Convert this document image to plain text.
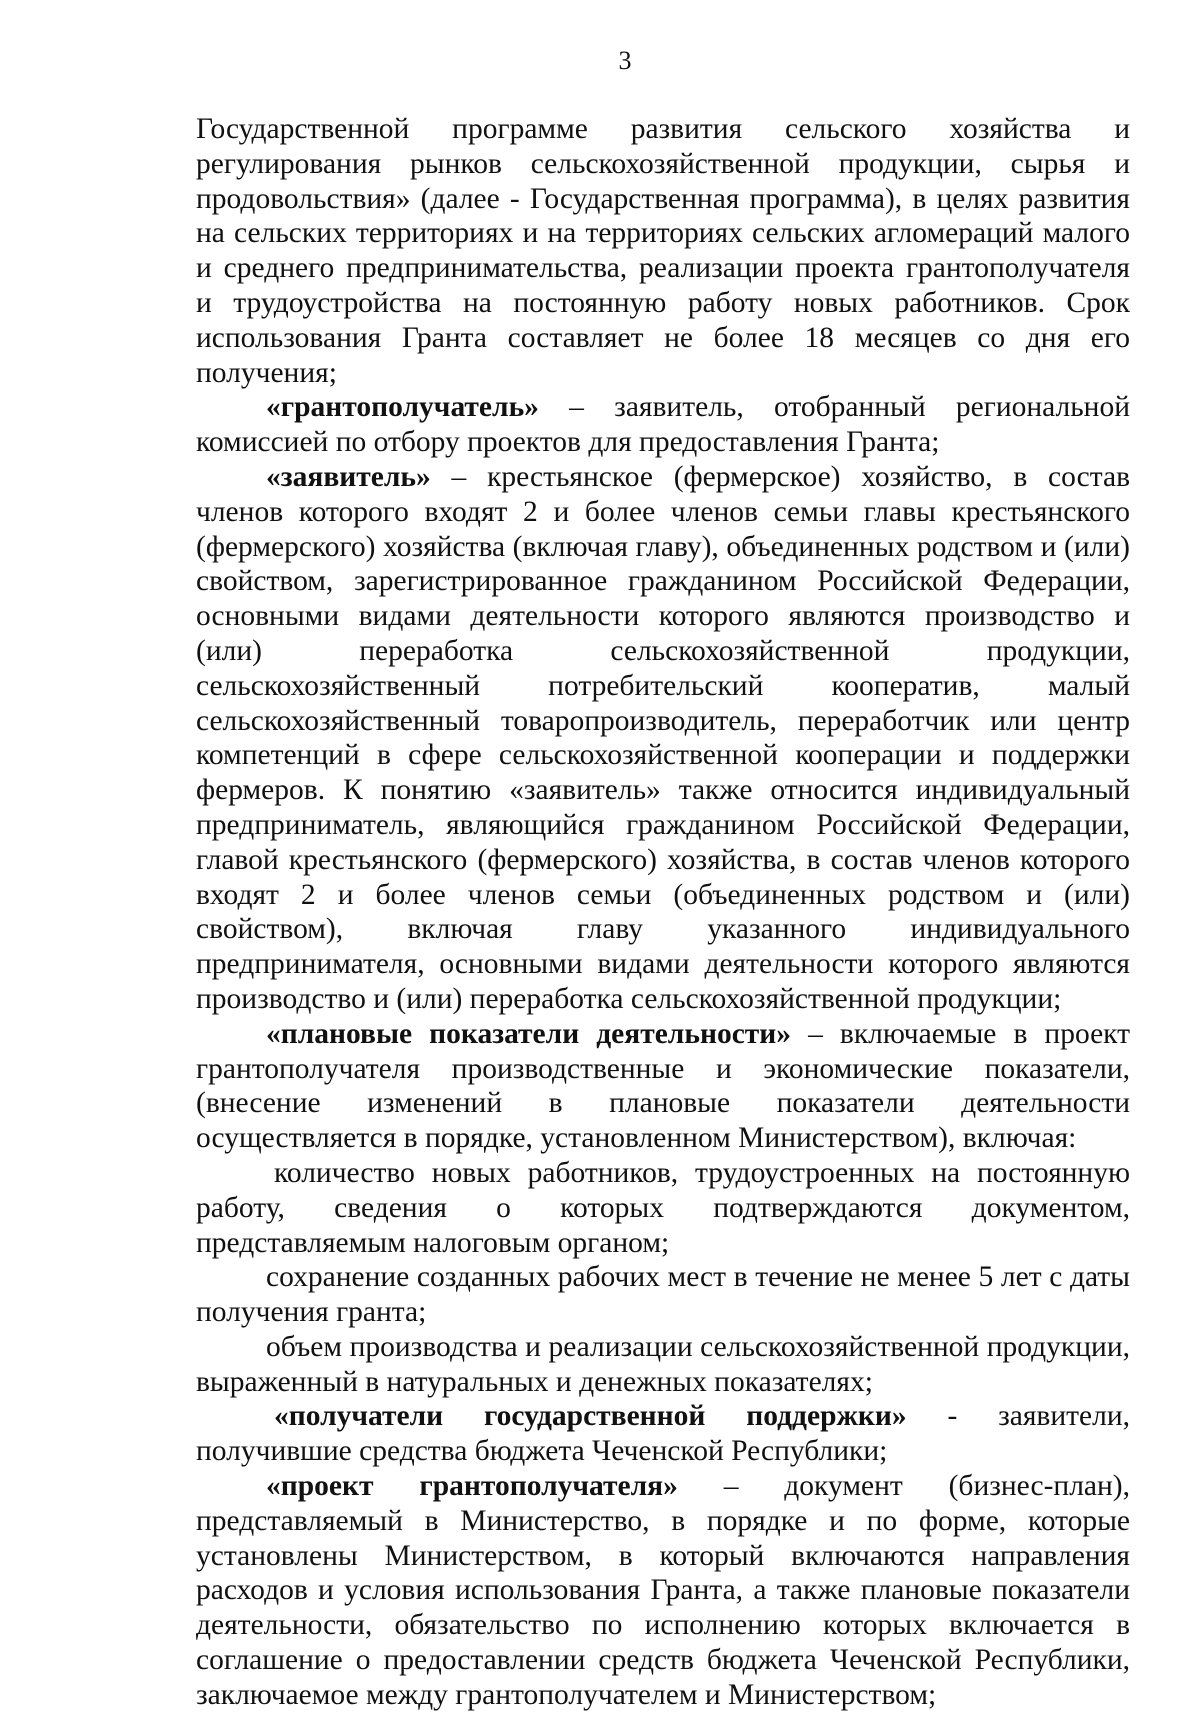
3

Государственной программе развития сельского хозяйства и регулирования рынков сельскохозяйственной продукции, сырья и продовольствия» (далее - Государственная программа), в целях развития на сельских территориях и на территориях сельских агломераций малого и среднего предпринимательства, реализации проекта грантополучателя и трудоустройства на постоянную работу новых работников. Срок использования Гранта составляет не более 18 месяцев со дня его получения;

«грантополучатель» – заявитель, отобранный региональной комиссией по отбору проектов для предоставления Гранта;

«заявитель» – крестьянское (фермерское) хозяйство, в состав членов которого входят 2 и более членов семьи главы крестьянского (фермерского) хозяйства (включая главу), объединенных родством и (или) свойством, зарегистрированное гражданином Российской Федерации, основными видами деятельности которого являются производство и (или) переработка сельскохозяйственной продукции, сельскохозяйственный потребительский кооператив, малый сельскохозяйственный товаропроизводитель, переработчик или центр компетенций в сфере сельскохозяйственной кооперации и поддержки фермеров. К понятию «заявитель» также относится индивидуальный предприниматель, являющийся гражданином Российской Федерации, главой крестьянского (фермерского) хозяйства, в состав членов которого входят 2 и более членов семьи (объединенных родством и (или) свойством), включая главу указанного индивидуального предпринимателя, основными видами деятельности которого являются производство и (или) переработка сельскохозяйственной продукции;

«плановые показатели деятельности» – включаемые в проект грантополучателя производственные и экономические показатели, (внесение изменений в плановые показатели деятельности осуществляется в порядке, установленном Министерством), включая:

количество новых работников, трудоустроенных на постоянную работу, сведения о которых подтверждаются документом, представляемым налоговым органом;

сохранение созданных рабочих мест в течение не менее 5 лет с даты получения гранта;

объем производства и реализации сельскохозяйственной продукции, выраженный в натуральных и денежных показателях;

«получатели государственной поддержки» - заявители, получившие средства бюджета Чеченской Республики;

«проект грантополучателя» – документ (бизнес-план), представляемый в Министерство, в порядке и по форме, которые установлены Министерством, в который включаются направления расходов и условия использования Гранта, а также плановые показатели деятельности, обязательство по исполнению которых включается в соглашение о предоставлении средств бюджета Чеченской Республики, заключаемое между грантополучателем и Министерством;
